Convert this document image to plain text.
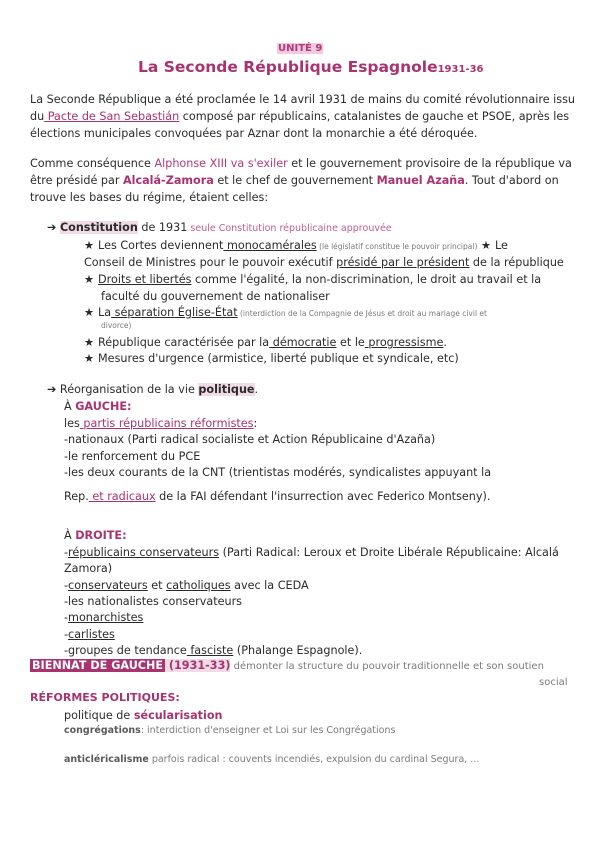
UNITÉ 9
La Seconde République Espagnole1931-36
La Seconde République a été proclamée le 14 avril 1931 de mains du comité révolutionnaire issu
du Pacte de San Sebastián composé par républicains, catalanistes de gauche et PSOE, après les
élections municipales convoquées par Aznar dont la monarchie a été déroquée.
Comme conséquence Alphonse XIII va s'exiler et le gouvernement provisoire de la république va
être présidé par Alcalá-Zamora et le chef de gouvernement Manuel Azaña. Tout d'abord on
trouve les bases du régime, étaient celles:
➔ Constitution de 1931 seule Constitution républicaine approuvée
★ Les Cortes deviennent monocamérales (le législatif constitue le pouvoir principal) ★ Le
Conseil de Ministres pour le pouvoir exécutif présidé par le président de la république
★ Droits et libertés comme l'égalité, la non-discrimination, le droit au travail et la
faculté du gouvernement de nationaliser
★ La séparation Église-État (interdiction de la Compagnie de Jésus et droit au mariage civil et
divorce)
★ République caractérisée par la démocratie et le progressisme.
★ Mesures d'urgence (armistice, liberté publique et syndicale, etc)
➔ Réorganisation de la vie politique.
À GAUCHE:
les partis républicains réformistes:
-nationaux (Parti radical socialiste et Action Républicaine d'Azaña)
-le renforcement du PCE
-les deux courants de la CNT (trientistas modérés, syndicalistes appuyant la
Rep. et radicaux de la FAI défendant l'insurrection avec Federico Montseny).
À DROITE:
-républicains conservateurs (Parti Radical: Leroux et Droite Libérale Républicaine: Alcalá
Zamora)
-conservateurs et catholiques avec la CEDA
-les nationalistes conservateurs
-monarchistes
-carlistes
-groupes de tendance fasciste (Phalange Espagnole).
BIENNAT DE GAUCHE (1931-33) démonter la structure du pouvoir traditionnelle et son soutien
social
RÉFORMES POLITIQUES:
politique de sécularisation
congrégations: interdiction d'enseigner et Loi sur les Congrégations
anticléricalisme parfois radical : couvents incendiés, expulsion du cardinal Segura, ...
